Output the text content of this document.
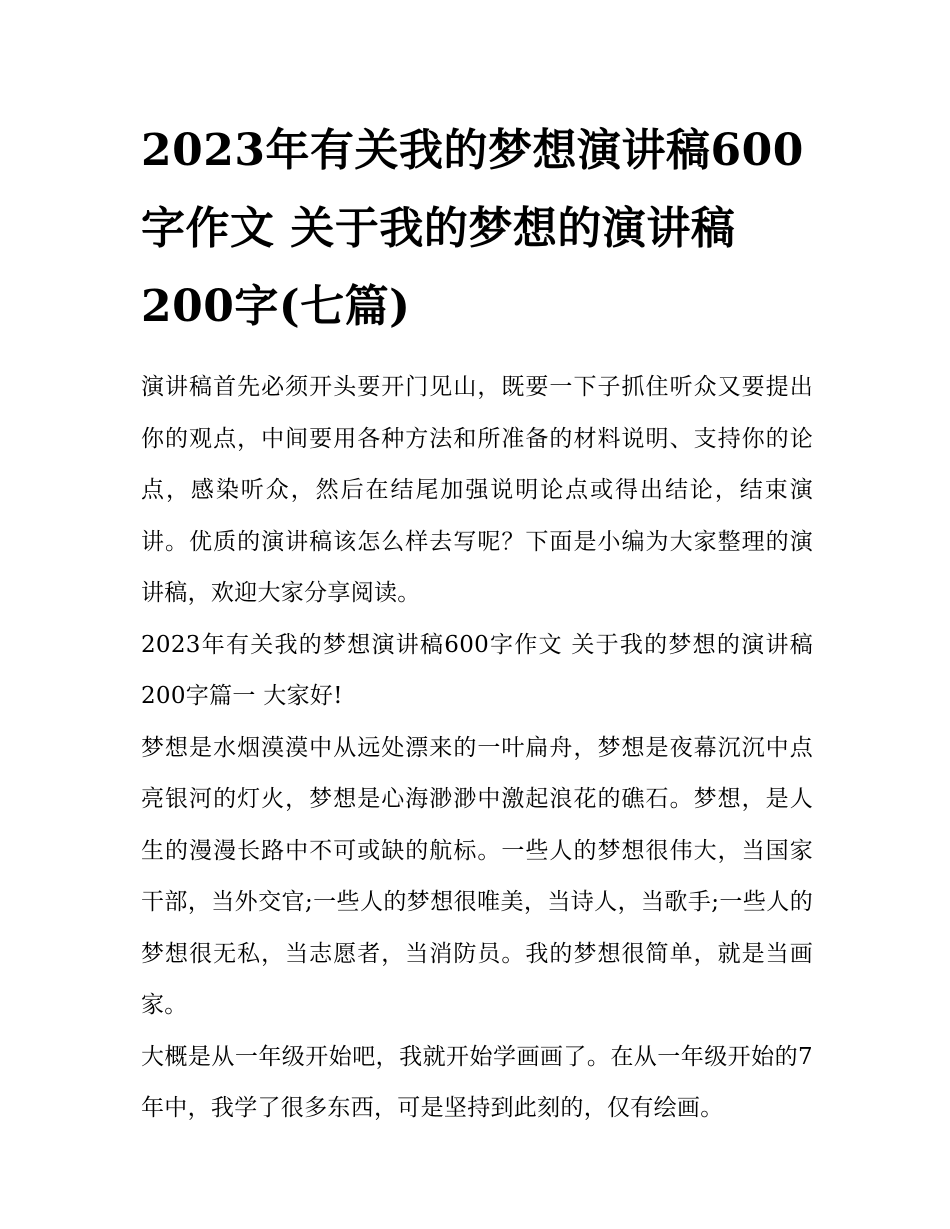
2023年有关我的梦想演讲稿600字作文 关于我的梦想的演讲稿200字(七篇)

演讲稿首先必须开头要开门见山，既要一下子抓住听众又要提出你的观点，中间要用各种方法和所准备的材料说明、支持你的论点，感染听众，然后在结尾加强说明论点或得出结论，结束演讲。优质的演讲稿该怎么样去写呢？下面是小编为大家整理的演讲稿，欢迎大家分享阅读。

2023年有关我的梦想演讲稿600字作文 关于我的梦想的演讲稿200字篇一 大家好!

梦想是水烟漠漠中从远处漂来的一叶扁舟，梦想是夜幕沉沉中点亮银河的灯火，梦想是心海渺渺中激起浪花的礁石。梦想，是人生的漫漫长路中不可或缺的航标。一些人的梦想很伟大，当国家干部，当外交官;一些人的梦想很唯美，当诗人，当歌手;一些人的梦想很无私，当志愿者，当消防员。我的梦想很简单，就是当画家。

大概是从一年级开始吧，我就开始学画画了。在从一年级开始的7年中，我学了很多东西，可是坚持到此刻的，仅有绘画。
